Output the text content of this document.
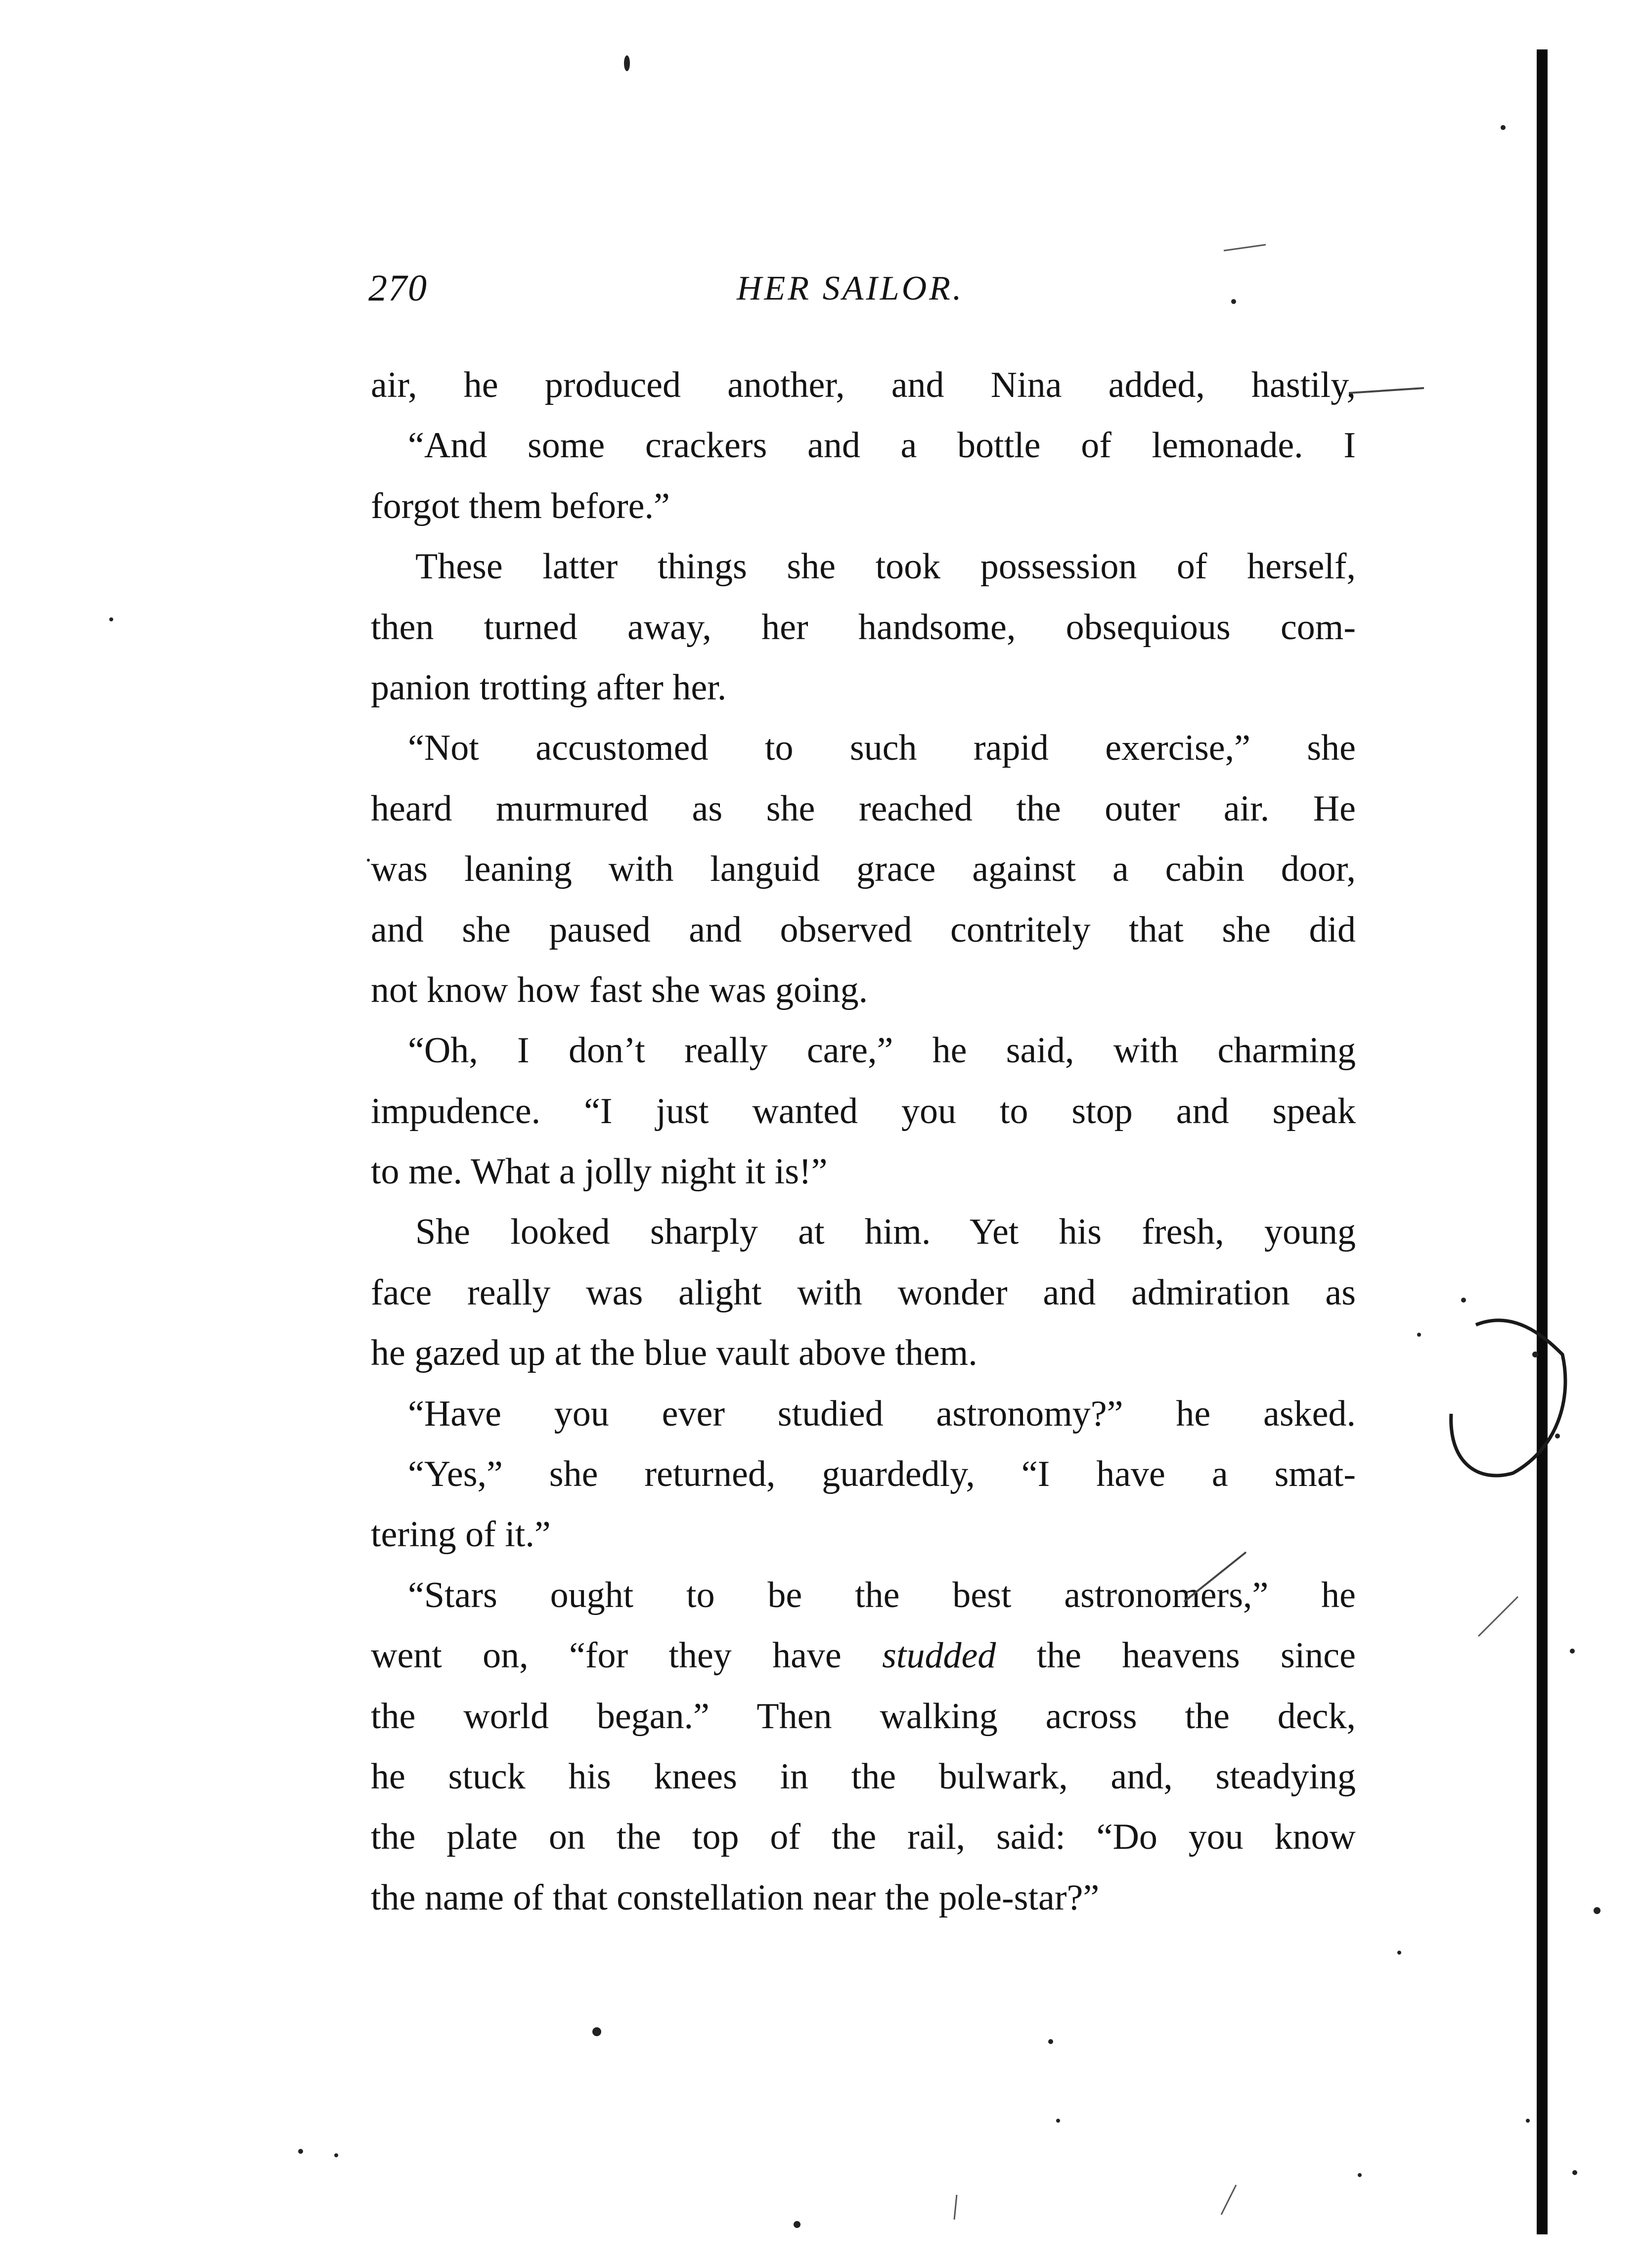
270	HER SAILOR.
air, he produced another, and Nina added, hastily,
“And some crackers and a bottle of lemonade. I
forgot them before.”
These latter things she took possession of herself,
then turned away, her handsome, obsequious com-
panion trotting after her.
“Not accustomed to such rapid exercise,” she
heard murmured as she reached the outer air. He
was leaning with languid grace against a cabin door,
and she paused and observed contritely that she did
not know how fast she was going.
“Oh, I don’t really care,” he said, with charming
impudence. “I just wanted you to stop and speak
to me. What a jolly night it is!”
She looked sharply at him. Yet his fresh, young
face really was alight with wonder and admiration as
he gazed up at the blue vault above them.
“Have you ever studied astronomy?” he asked.
“Yes,” she returned, guardedly, “I have a smat-
tering of it.”
“Stars ought to be the best astronomers,” he
went on, “for they have studded the heavens since
the world began.” Then walking across the deck,
he stuck his knees in the bulwark, and, steadying
the plate on the top of the rail, said: “Do you know
the name of that constellation near the pole-star?”
